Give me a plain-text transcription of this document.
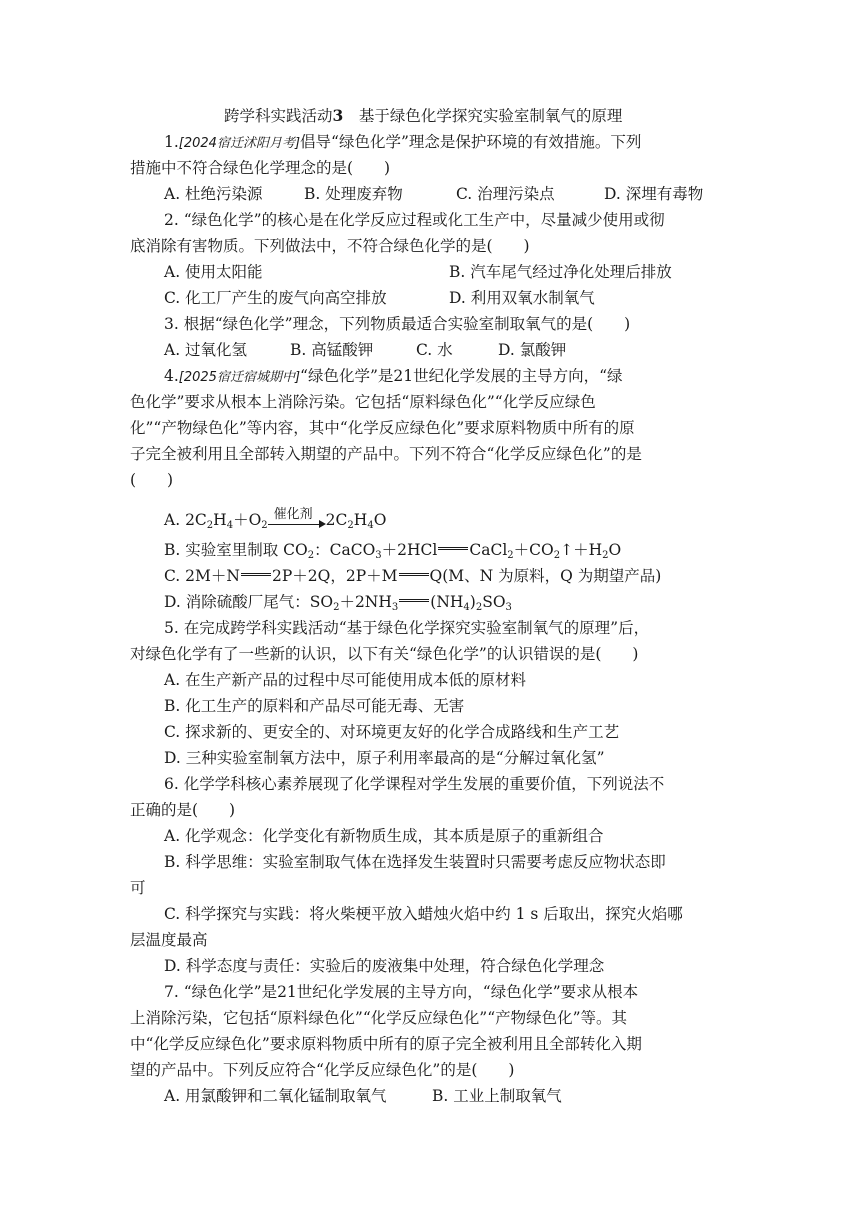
跨学科实践活动3　 基于绿色化学探究实验室制氧气的原理
1.[2024宿迁沭阳月考]倡导“绿色化学”理念是保护环境的有效措施。下列
措施中不符合绿色化学理念的是(　　)
A. 杜绝污染源	B. 处理废弃物	C. 治理污染点	D. 深埋有毒物
2. “绿色化学”的核心是在化学反应过程或化工生产中，尽量减少使用或彻
底消除有害物质。下列做法中，不符合绿色化学的是(　　)
A. 使用太阳能	B. 汽车尾气经过净化处理后排放
C. 化工厂产生的废气向高空排放	D. 利用双氧水制氧气
3. 根据“绿色化学”理念，下列物质最适合实验室制取氧气的是(　　)
A. 过氧化氢	B. 高锰酸钾	C. 水	D. 氯酸钾
4.[2025宿迁宿城期中]“绿色化学”是21世纪化学发展的主导方向，“绿
色化学”要求从根本上消除污染。它包括“原料绿色化”“化学反应绿色
化”“产物绿色化”等内容，其中“化学反应绿色化”要求原料物质中所有的原
子完全被利用且全部转入期望的产品中。下列不符合“化学反应绿色化”的是
(　　)
A. $2C_2H_4+O_2$
催化剂 $2C_2H_4O$
B. 实验室里制取 $CO_2$：CaCO$_3$＋2HCl $CaCl_2+CO_2↑+H_2O$
C. 2M＋N 2P＋2Q，2P＋M Q(M、N 为原料，Q 为期望产品)
D. 消除硫酸厂尾气：$SO_2+2NH_3$ $(NH_4)_2SO_3$
5. 在完成跨学科实践活动“基于绿色化学探究实验室制氧气的原理”后，
对绿色化学有了一些新的认识，以下有关“绿色化学”的认识错误的是(　　)
A. 在生产新产品的过程中尽可能使用成本低的原材料
B. 化工生产的原料和产品尽可能无毒、无害
C. 探求新的、更安全的、对环境更友好的化学合成路线和生产工艺
D. 三种实验室制氧方法中，原子利用率最高的是“分解过氧化氢”
6. 化学学科核心素养展现了化学课程对学生发展的重要价值，下列说法不
正确的是(　　)
A. 化学观念：化学变化有新物质生成，其本质是原子的重新组合
B. 科学思维：实验室制取气体在选择发生装置时只需要考虑反应物状态即
可
C. 科学探究与实践：将火柴梗平放入蜡烛火焰中约 1 s 后取出，探究火焰哪
层温度最高
D. 科学态度与责任：实验后的废液集中处理，符合绿色化学理念
7. “绿色化学”是21世纪化学发展的主导方向，“绿色化学”要求从根本
上消除污染，它包括“原料绿色化”“化学反应绿色化”“产物绿色化”等。其
中“化学反应绿色化”要求原料物质中所有的原子完全被利用且全部转化入期
望的产品中。下列反应符合“化学反应绿色化”的是(　　)
A. 用氯酸钾和二氧化锰制取氧气	B. 工业上制取氧气
